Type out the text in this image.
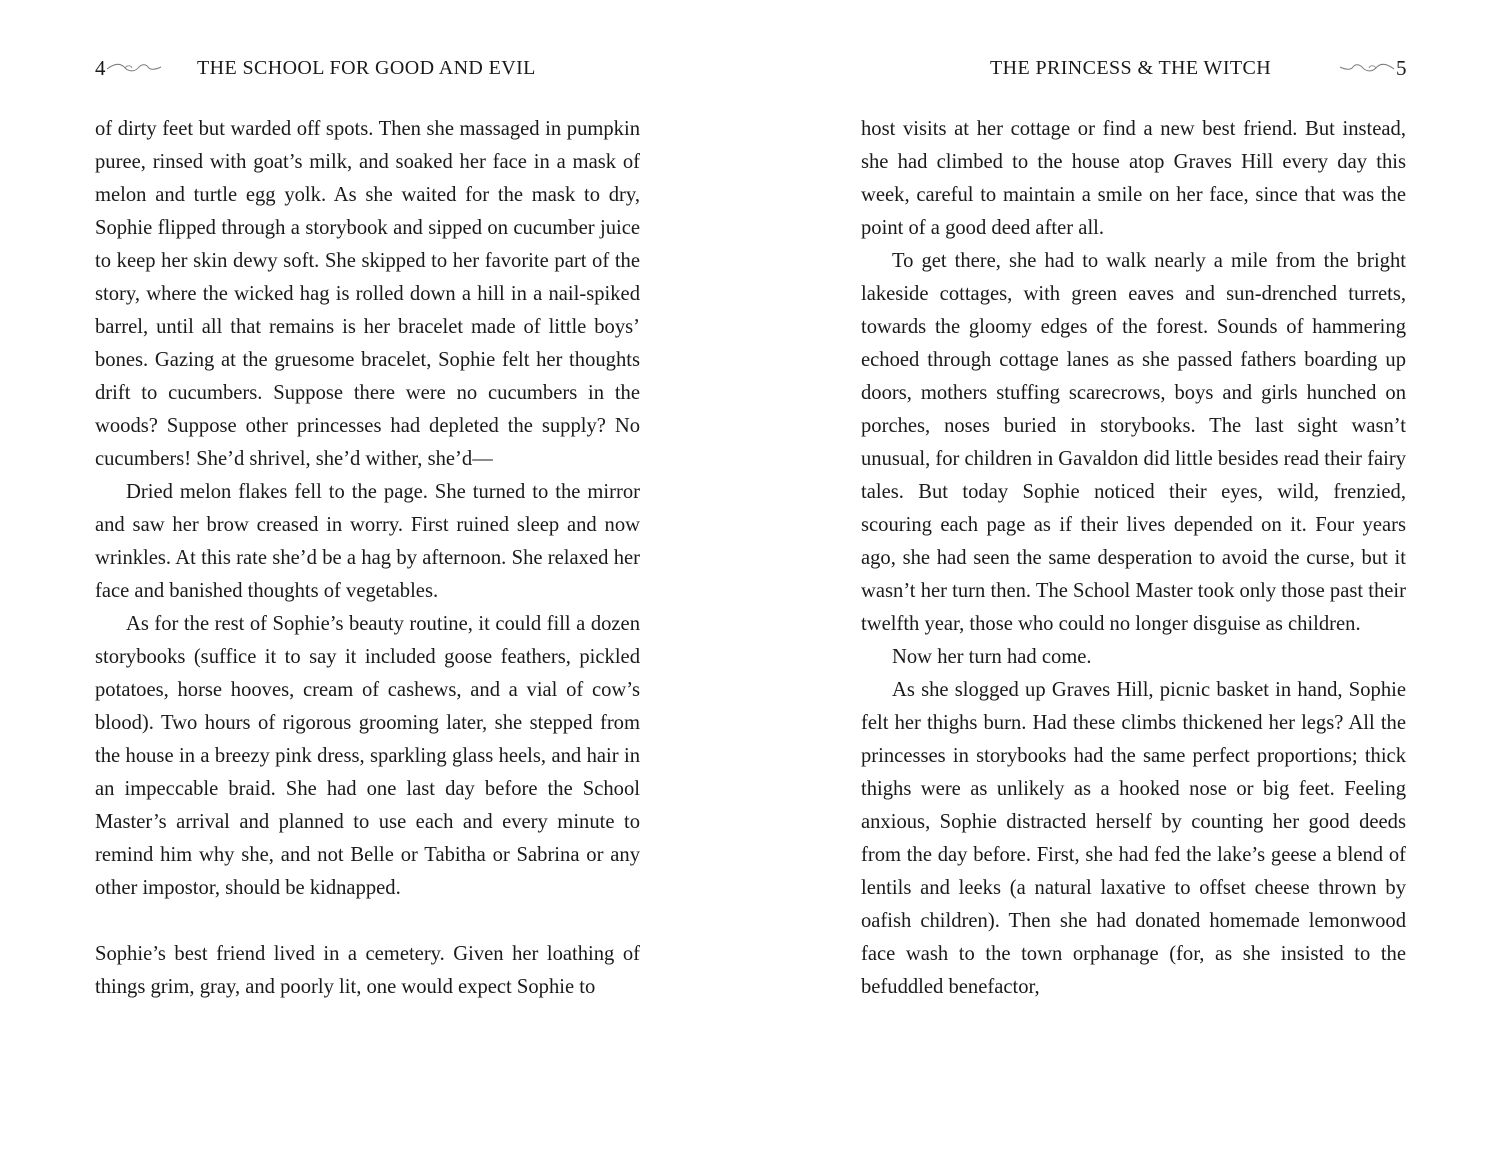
4	THE SCHOOL FOR GOOD AND EVIL

of dirty feet but warded off spots. Then she massaged in pumpkin puree, rinsed with goat’s milk, and soaked her face in a mask of melon and turtle egg yolk. As she waited for the mask to dry, Sophie flipped through a storybook and sipped on cucumber juice to keep her skin dewy soft. She skipped to her favorite part of the story, where the wicked hag is rolled down a hill in a nail-spiked barrel, until all that remains is her bracelet made of little boys’ bones. Gazing at the gruesome bracelet, Sophie felt her thoughts drift to cucumbers. Suppose there were no cucumbers in the woods? Suppose other princesses had depleted the supply? No cucumbers! She’d shrivel, she’d wither, she’d—

Dried melon flakes fell to the page. She turned to the mirror and saw her brow creased in worry. First ruined sleep and now wrinkles. At this rate she’d be a hag by afternoon. She relaxed her face and banished thoughts of vegetables.

As for the rest of Sophie’s beauty routine, it could fill a dozen storybooks (suffice it to say it included goose feathers, pickled potatoes, horse hooves, cream of cashews, and a vial of cow’s blood). Two hours of rigorous grooming later, she stepped from the house in a breezy pink dress, sparkling glass heels, and hair in an impeccable braid. She had one last day before the School Master’s arrival and planned to use each and every minute to remind him why she, and not Belle or Tabitha or Sabrina or any other impostor, should be kidnapped.

Sophie’s best friend lived in a cemetery. Given her loathing of things grim, gray, and poorly lit, one would expect Sophie to

THE PRINCESS & THE WITCH	5

host visits at her cottage or find a new best friend. But instead, she had climbed to the house atop Graves Hill every day this week, careful to maintain a smile on her face, since that was the point of a good deed after all.

To get there, she had to walk nearly a mile from the bright lakeside cottages, with green eaves and sun-drenched turrets, towards the gloomy edges of the forest. Sounds of hammering echoed through cottage lanes as she passed fathers boarding up doors, mothers stuffing scarecrows, boys and girls hunched on porches, noses buried in storybooks. The last sight wasn’t unusual, for children in Gavaldon did little besides read their fairy tales. But today Sophie noticed their eyes, wild, frenzied, scouring each page as if their lives depended on it. Four years ago, she had seen the same desperation to avoid the curse, but it wasn’t her turn then. The School Master took only those past their twelfth year, those who could no longer disguise as children.

Now her turn had come.

As she slogged up Graves Hill, picnic basket in hand, Sophie felt her thighs burn. Had these climbs thickened her legs? All the princesses in storybooks had the same perfect proportions; thick thighs were as unlikely as a hooked nose or big feet. Feeling anxious, Sophie distracted herself by counting her good deeds from the day before. First, she had fed the lake’s geese a blend of lentils and leeks (a natural laxative to offset cheese thrown by oafish children). Then she had donated homemade lemonwood face wash to the town orphanage (for, as she insisted to the befuddled benefactor,
